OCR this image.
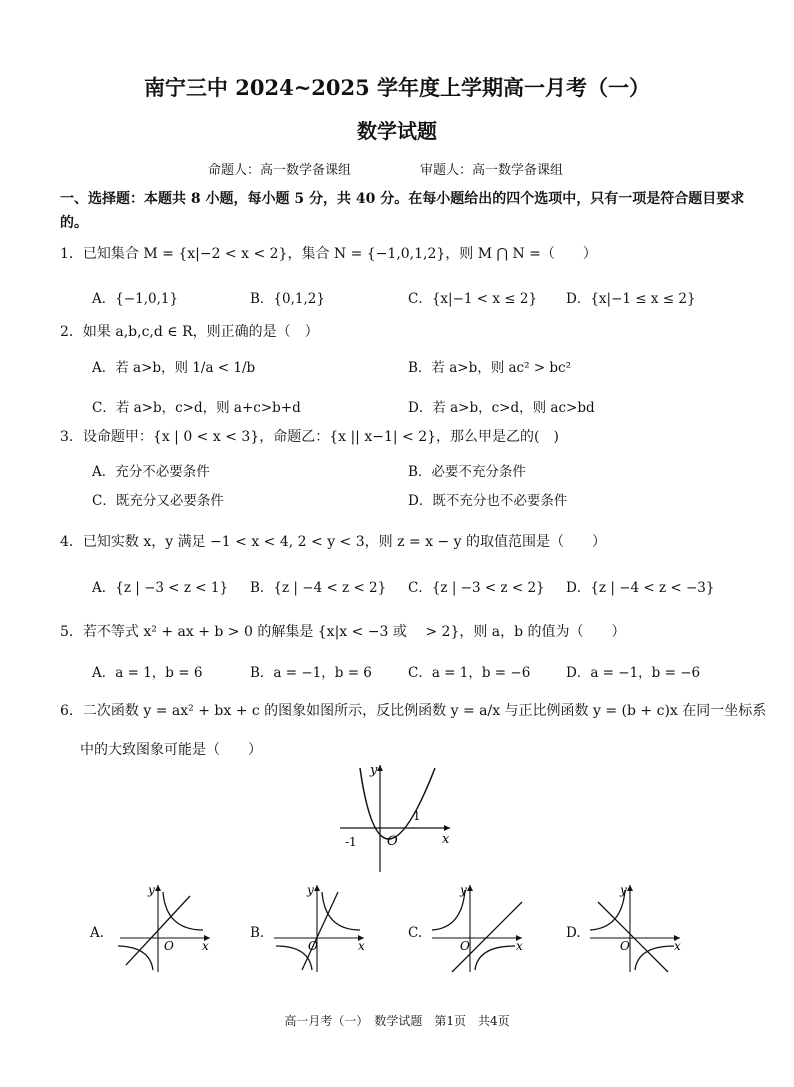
南宁三中 2024~2025 学年度上学期高一月考（一）
数学试题
命题人：高一数学备课组	审题人：高一数学备课组
一、选择题：本题共 8 小题，每小题 5 分，共 40 分。在每小题给出的四个选项中，只有一项是符合题目要求的。
1．已知集合 M = {x|−2 < x < 2}，集合 N = {−1,0,1,2}，则 M ⋂ N =（　　）
A．{−1,0,1}	B．{0,1,2}	C．{x|−1 < x ≤ 2} D．{x|−1 ≤ x ≤ 2}
2．如果 a,b,c,d ∈ R，则正确的是（　）
A．若 a>b，则 1/a < 1/b	B．若 a>b，则 ac² > bc²
C．若 a>b，c>d，则 a+c>b+d	D．若 a>b，c>d，则 ac>bd
3．设命题甲：{x | 0 < x < 3}，命题乙：{x || x−1| < 2}，那么甲是乙的(　)
A．充分不必要条件	B．必要不充分条件
C．既充分又必要条件	D．既不充分也不必要条件
4．已知实数 x，y 满足 −1 < x < 4, 2 < y < 3，则 z = x − y 的取值范围是（　　）
A．{z | −3 < z < 1} B．{z | −4 < z < 2} C．{z | −3 < z < 2} D．{z | −4 < z < −3}
5．若不等式 x² + ax + b > 0 的解集是 {x|x < −3 或 　> 2}，则 a，b 的值为（　　）
A．a = 1，b = 6	B．a = −1，b = 6	C．a = 1，b = −6	D．a = −1，b = −6
6．二次函数 y = ax² + bx + c 的图象如图所示，反比例函数 y = a/x 与正比例函数 y = (b + c)x 在同一坐标系
中的大致图象可能是（　　）
y
x
O
-1
1
A.
y
x
O
B.
y
x
O
C.
y
x
O
D.
y
x
O
高一月考（一）　数学试题　第1页　共4页
